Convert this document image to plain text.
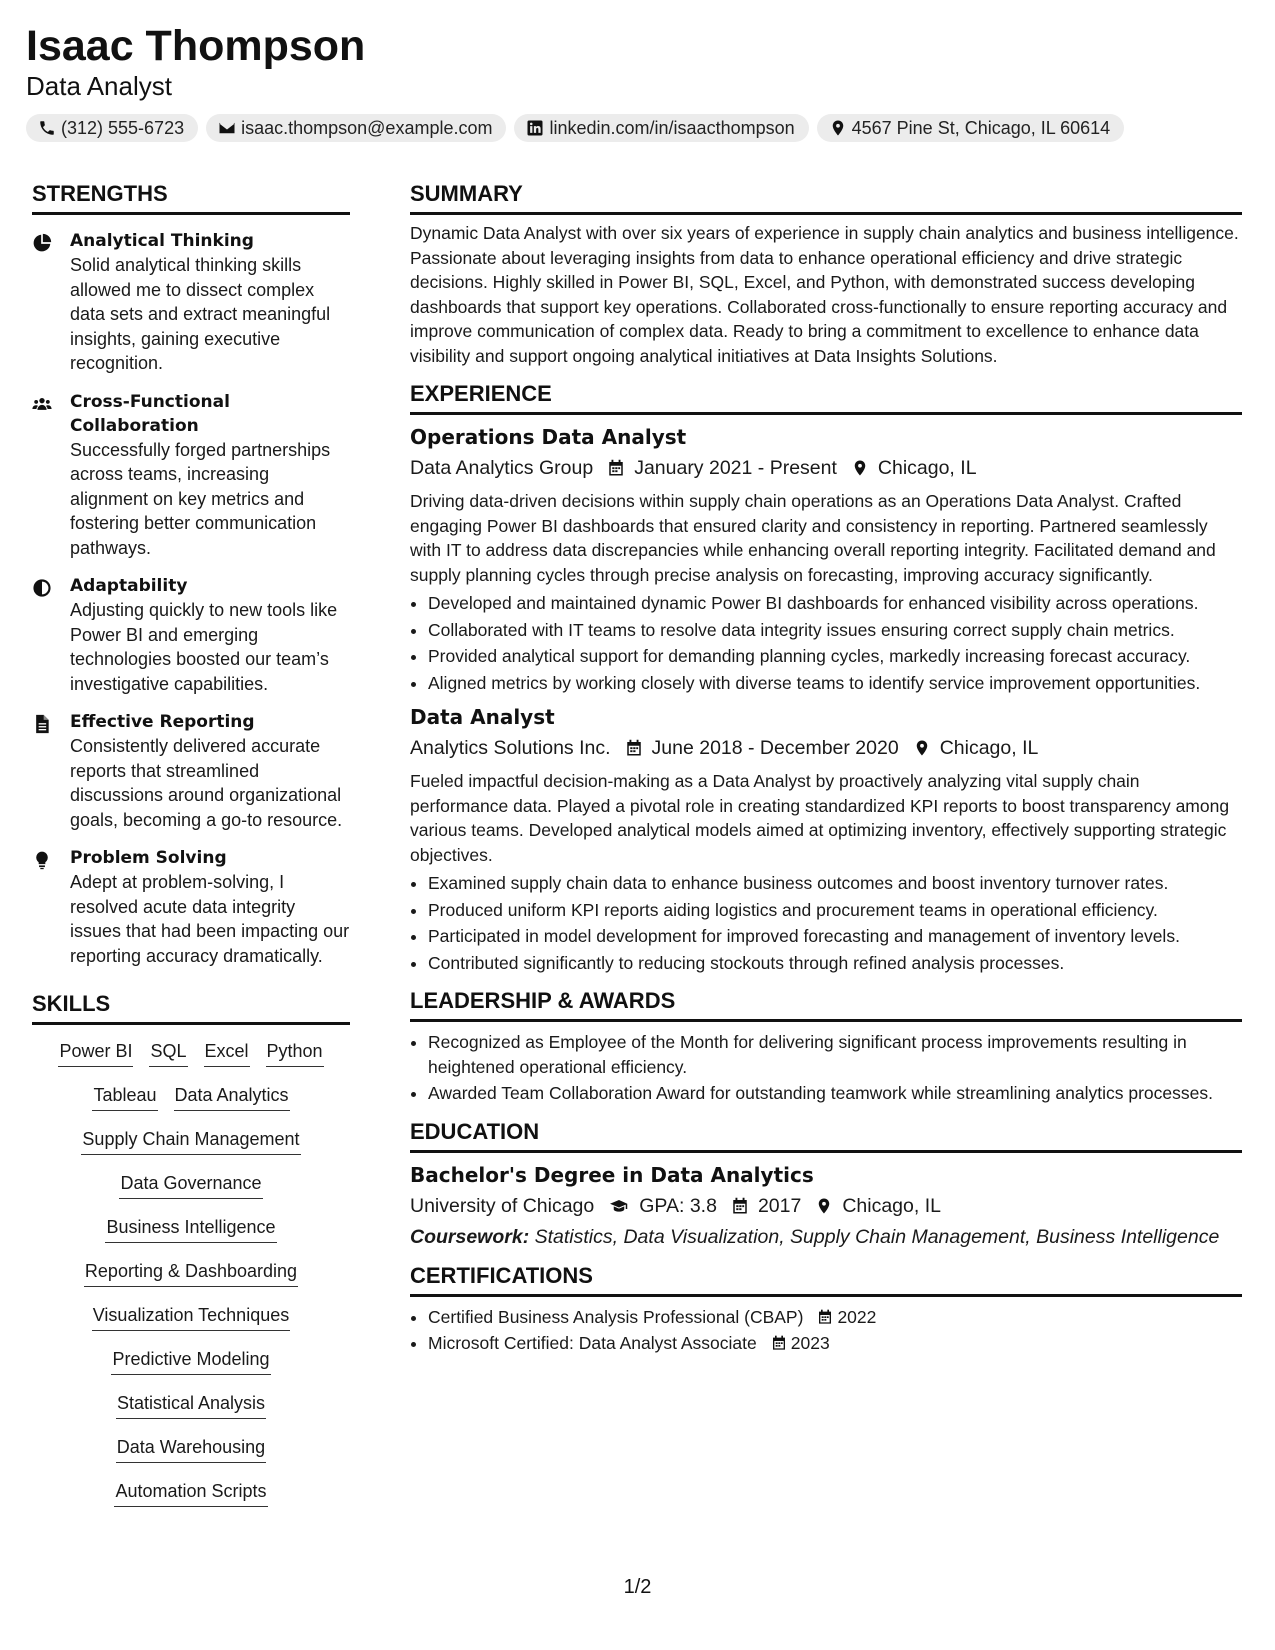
Isaac Thompson
Data Analyst
(312) 555-6723	isaac.thompson@example.com	linkedin.com/in/isaacthompson	4567 Pine St, Chicago, IL 60614
STRENGTHS
Analytical Thinking
Solid analytical thinking skills allowed me to dissect complex data sets and extract meaningful insights, gaining executive recognition.
Cross-Functional Collaboration
Successfully forged partnerships across teams, increasing alignment on key metrics and fostering better communication pathways.
Adaptability
Adjusting quickly to new tools like Power BI and emerging technologies boosted our team’s investigative capabilities.
Effective Reporting
Consistently delivered accurate reports that streamlined discussions around organizational goals, becoming a go-to resource.
Problem Solving
Adept at problem-solving, I resolved acute data integrity issues that had been impacting our reporting accuracy dramatically.
SKILLS
Power BI SQL Excel Python
Tableau Data Analytics
Supply Chain Management
Data Governance
Business Intelligence
Reporting & Dashboarding
Visualization Techniques
Predictive Modeling
Statistical Analysis
Data Warehousing
Automation Scripts
SUMMARY
Dynamic Data Analyst with over six years of experience in supply chain analytics and business intelligence. Passionate about leveraging insights from data to enhance operational efficiency and drive strategic decisions. Highly skilled in Power BI, SQL, Excel, and Python, with demonstrated success developing dashboards that support key operations. Collaborated cross-functionally to ensure reporting accuracy and improve communication of complex data. Ready to bring a commitment to excellence to enhance data visibility and support ongoing analytical initiatives at Data Insights Solutions.
EXPERIENCE
Operations Data Analyst
Data Analytics Group January 2021 - Present Chicago, IL
Driving data-driven decisions within supply chain operations as an Operations Data Analyst. Crafted engaging Power BI dashboards that ensured clarity and consistency in reporting. Partnered seamlessly with IT to address data discrepancies while enhancing overall reporting integrity. Facilitated demand and supply planning cycles through precise analysis on forecasting, improving accuracy significantly.
• Developed and maintained dynamic Power BI dashboards for enhanced visibility across operations.
• Collaborated with IT teams to resolve data integrity issues ensuring correct supply chain metrics.
• Provided analytical support for demanding planning cycles, markedly increasing forecast accuracy.
• Aligned metrics by working closely with diverse teams to identify service improvement opportunities.
Data Analyst
Analytics Solutions Inc. June 2018 - December 2020 Chicago, IL
Fueled impactful decision-making as a Data Analyst by proactively analyzing vital supply chain performance data. Played a pivotal role in creating standardized KPI reports to boost transparency among various teams. Developed analytical models aimed at optimizing inventory, effectively supporting strategic objectives.
• Examined supply chain data to enhance business outcomes and boost inventory turnover rates.
• Produced uniform KPI reports aiding logistics and procurement teams in operational efficiency.
• Participated in model development for improved forecasting and management of inventory levels.
• Contributed significantly to reducing stockouts through refined analysis processes.
LEADERSHIP & AWARDS
• Recognized as Employee of the Month for delivering significant process improvements resulting in heightened operational efficiency.
• Awarded Team Collaboration Award for outstanding teamwork while streamlining analytics processes.
EDUCATION
Bachelor's Degree in Data Analytics
University of Chicago GPA: 3.8 2017 Chicago, IL
Coursework: Statistics, Data Visualization, Supply Chain Management, Business Intelligence
CERTIFICATIONS
• Certified Business Analysis Professional (CBAP) 2022
• Microsoft Certified: Data Analyst Associate 2023
1/2
